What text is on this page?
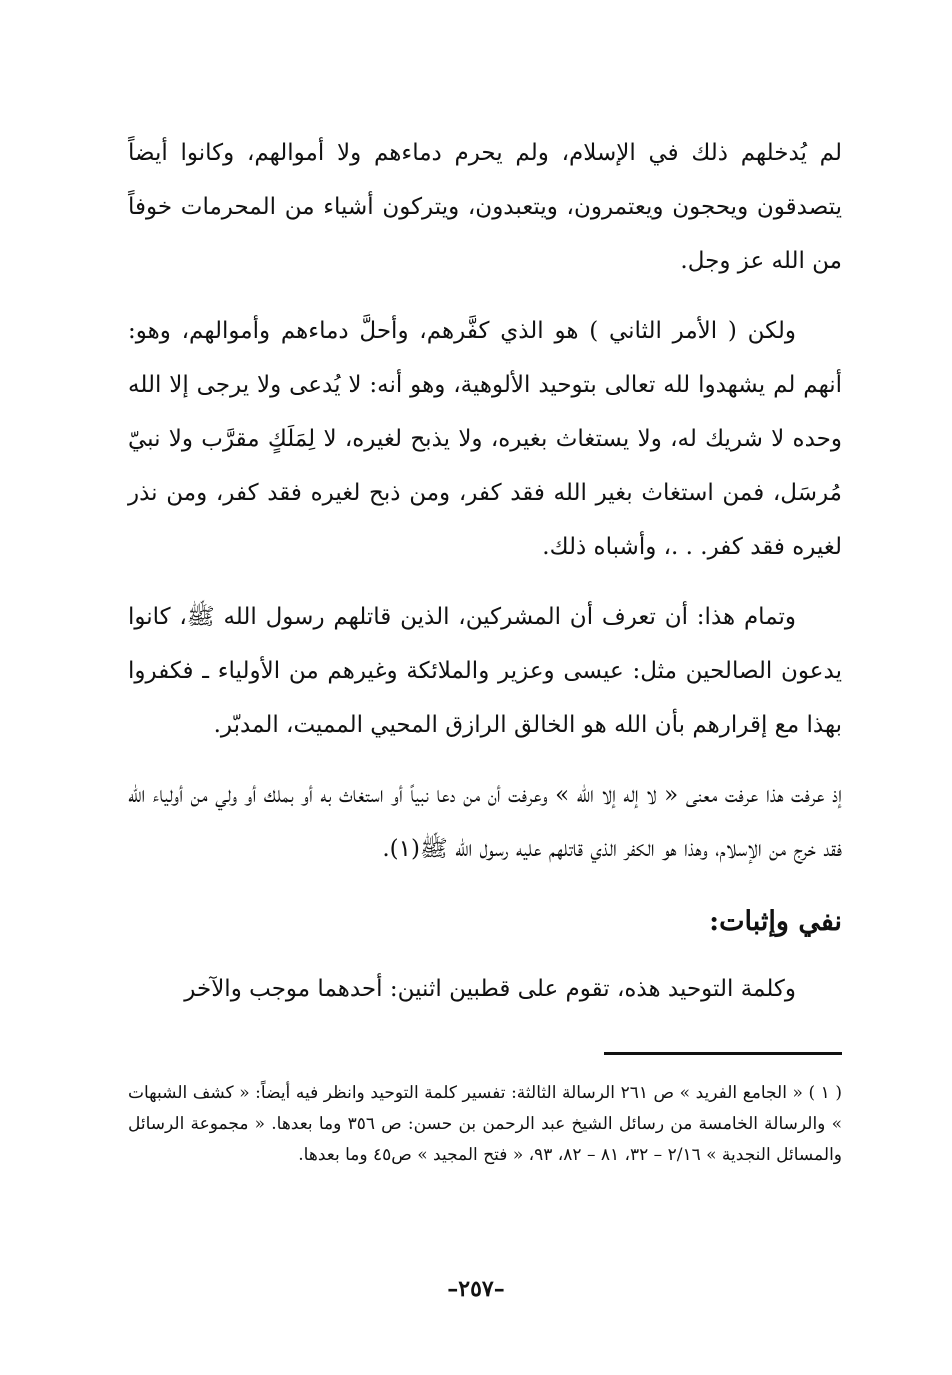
لم يُدخلهم ذلك في الإسلام، ولم يحرم دماءهم ولا أموالهم، وكانوا أيضاً يتصدقون ويحجون ويعتمرون، ويتعبدون، ويتركون أشياء من المحرمات خوفاً من الله عز وجل.

ولكن ( الأمر الثاني ) هو الذي كفَّرهم، وأحلَّ دماءهم وأموالهم، وهو: أنهم لم يشهدوا لله تعالى بتوحيد الألوهية، وهو أنه: لا يُدعى ولا يرجى إلا الله وحده لا شريك له، ولا يستغاث بغيره، ولا يذبح لغيره، لا لِمَلَكٍ مقرَّب ولا نبيّ مُرسَل، فمن استغاث بغير الله فقد كفر، ومن ذبح لغيره فقد كفر، ومن نذر لغيره فقد كفر. . .، وأشباه ذلك.

وتمام هذا: أن تعرف أن المشركين، الذين قاتلهم رسول الله ﷺ، كانوا يدعون الصالحين مثل: عيسى وعزير والملائكة وغيرهم من الأولياء ـ فكفروا بهذا مع إقرارهم بأن الله هو الخالق الرازق المحيي المميت، المدبّر.

إذ عرفت هذا عرفت معنى « لا إله إلا الله » وعرفت أن من دعا نبياً أو استغاث به أو بملك أو ولي من أولياء الله فقد خرج من الإسلام، وهذا هو الكفر الذي قاتلهم عليه رسول الله ﷺ(١).

نفي وإثبات:

وكلمة التوحيد هذه، تقوم على قطبين اثنين: أحدهما موجب والآخر

( ١ ) « الجامع الفريد » ص ٢٦١ الرسالة الثالثة: تفسير كلمة التوحيد وانظر فيه أيضاً: « كشف الشبهات » والرسالة الخامسة من رسائل الشيخ عبد الرحمن بن حسن: ص ٣٥٦ وما بعدها. « مجموعة الرسائل والمسائل النجدية » ٢/١٦ – ٣٢، ٨١ – ٨٢، ٩٣، « فتح المجيد » ص٤٥ وما بعدها.

–٢٥٧–
